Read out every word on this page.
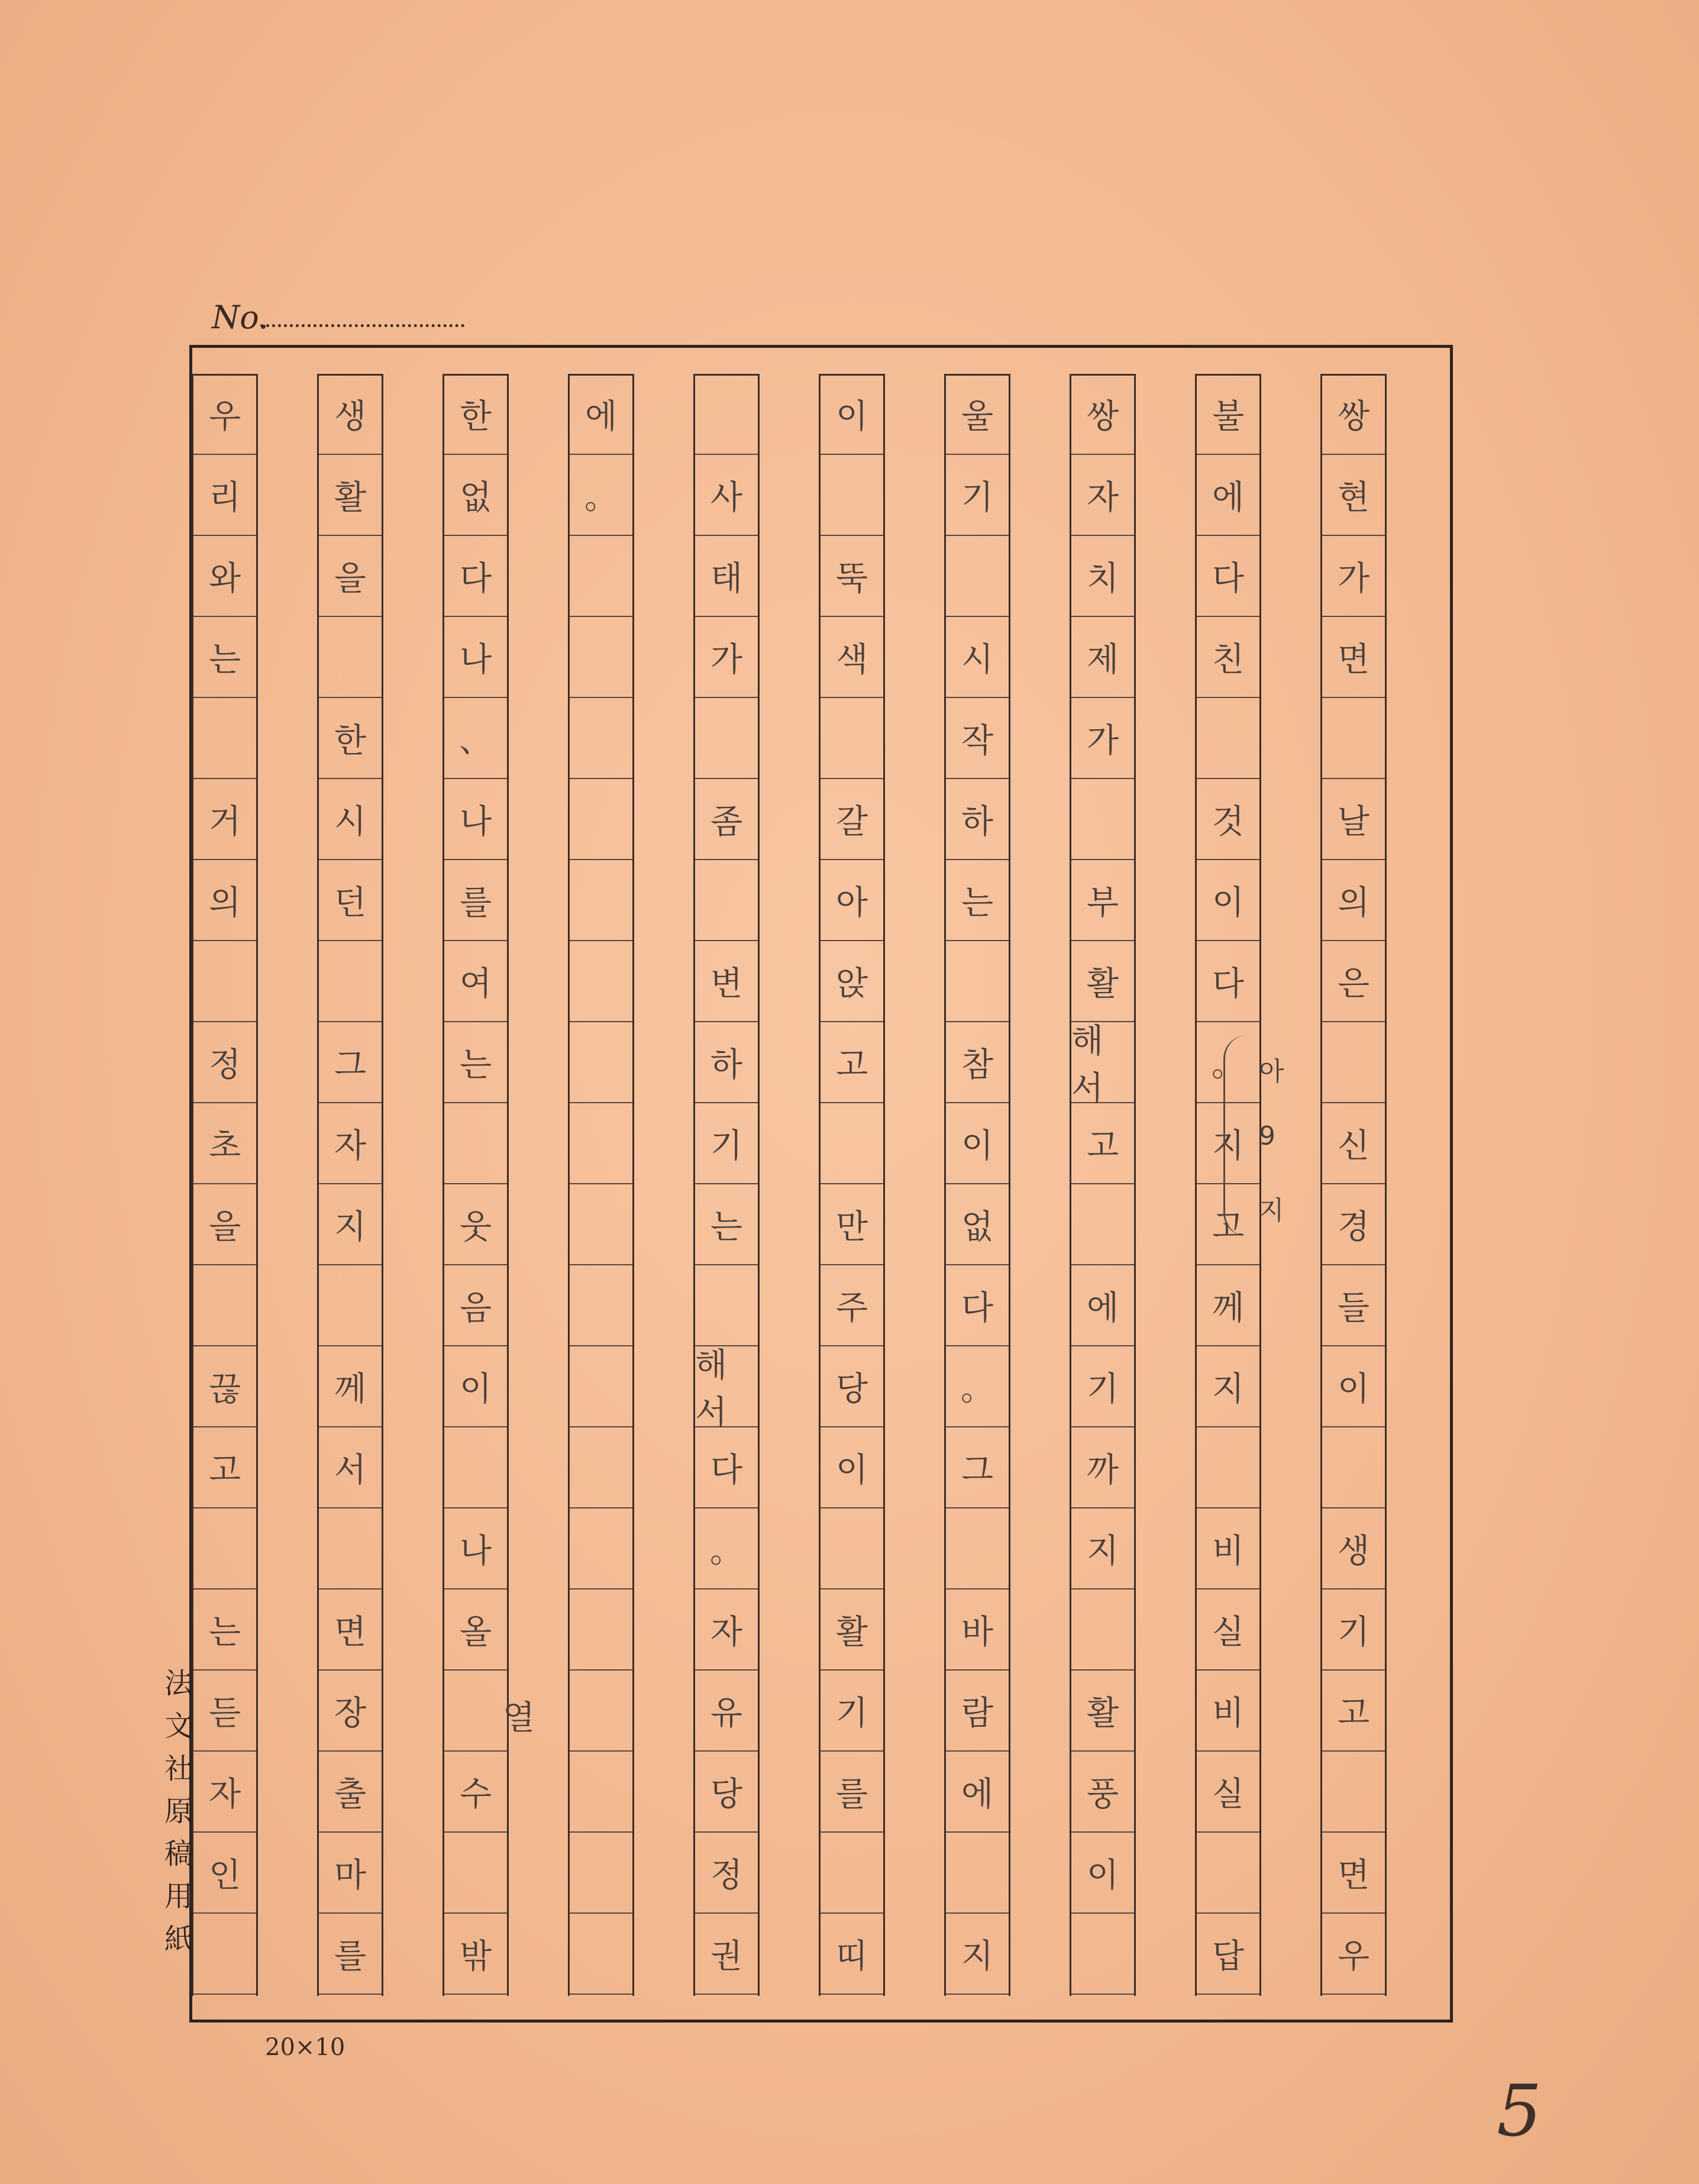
No.
쌍
현
가
면
날
의
은
신
경
들
이
생
기
고
면
우
불
에
다
친
것
이
다
。
지
고
께
지
비
실
비
실
답
쌍
자
치
제
가
부
활
해서
고
에
기
까
지
활
풍
이
울
기
시
작
하
는
참
이
없
다
。
그
바
람
에
지
이
뚝
색
갈
아
앉
고
만
주
당
이
활
기
를
띠
사
태
가
좀
변
하
기
는
해서
다
。
자
유
당
정
권
에
。
한
없
다
나
、
나
를
여
는
웃
음
이
나
올
수
밖
생
활
을
한
시
던
그
자
지
께
서
면
장
출
마
를
우
리
와
는
거
의
정
초
을
끊
고
는
듣
자
인
法
文
社
原
稿
用
紙
20×10
5
열
아
9
지
